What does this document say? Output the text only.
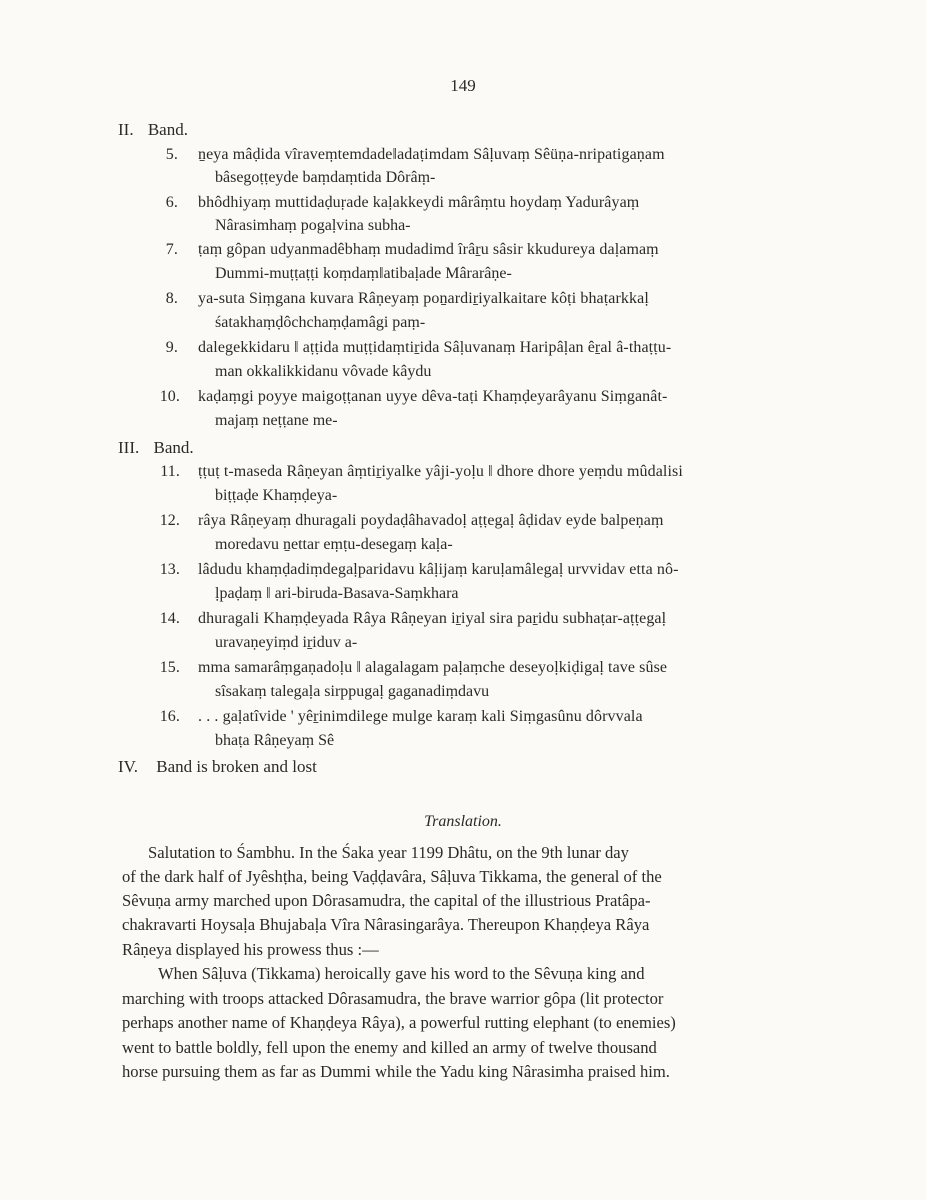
149
II. Band.
5. ṉeya mâḍida vîraveṃtemdade‖adaṭimdam Sâḷuvaṃ Sêüṇa-nripatigaṇam
bâsegoṭṭeyde baṃdaṃtida Dôrâṃ-
6. bhôdhiyaṃ muttidaḍuṛade kaḷakkeydi mârâṃtu hoydaṃ Yadurâyaṃ
Nârasimhaṃ pogaḷvina subha-
7. ṭaṃ gôpan udyanmadêbhaṃ mudadimd îrâṟu sâsir kkudureya daḷamaṃ
Dummi-muṭṭaṭṭi koṃdaṃ‖atibaḷade Mârarâṇe-
8. ya-suta Siṃgana kuvara Râṇeyaṃ poṉardiṟiyalkaitare kôṭi bhaṭarkkaḷ
śatakhaṃḍôchchaṃḍamâgi paṃ-
9. dalegekkidaru ‖ aṭṭida muṭṭidaṃtiṟida Sâḷuvanaṃ Haripâḷan êṟal â-thaṭṭu-
man okkalikkidanu vôvade kâydu
10. kaḍaṃgi poyye maigoṭṭanan uyye dêva-taṭi Khaṃḍeyarâyanu Siṃganât-
majaṃ neṭṭane me-
III. Band.
11. ṭṭuṭ t-maseda Râṇeyan âṃtiṟiyalke yâji-yoḷu ‖ dhore dhore yeṃdu mûdalisi
biṭṭaḍe Khaṃḍeya-
12. râya Râṇeyaṃ dhuragali poydaḍâhavadoḷ aṭṭegaḷ âḍidav eyde balpeṇaṃ
moredavu ṉettar eṃṭu-desegaṃ kaḷa-
13. lâdudu khaṃḍadiṃdegaḷparidavu kâḷijaṃ karuḷamâlegaḷ urvvidav etta nô-
ḷpaḍaṃ ‖ ari-biruda-Basava-Saṃkhara
14. dhuragali Khaṃḍeyada Râya Râṇeyan iṟiyal sira paṟidu subhaṭar-aṭṭegaḷ
uravaṇeyiṃd iṟiduv a-
15. mma samarâṃgaṇadoḷu ‖ alagalagam paḷaṃche deseyoḷkiḍigaḷ tave sûse
sîsakaṃ talegaḷa sirppugaḷ gaganadiṃdavu
16. . . . gaḷatîvide ' yêṟinimdilege mulge karaṃ kali Siṃgasûnu dôrvvala
bhaṭa Râṇeyaṃ Sê
IV. Band is broken and lost
Translation.
Salutation to Śambhu. In the Śaka year 1199 Dhâtu, on the 9th lunar day
of the dark half of Jyêshṭha, being Vaḍḍavâra, Sâḷuva Tikkama, the general of the
Sêvuṇa army marched upon Dôrasamudra, the capital of the illustrious Pratâpa-
chakravarti Hoysaḷa Bhujabaḷa Vîra Nârasingarâya. Thereupon Khaṇḍeya Râya
Râṇeya displayed his prowess thus :—
When Sâḷuva (Tikkama) heroically gave his word to the Sêvuṇa king and
marching with troops attacked Dôrasamudra, the brave warrior gôpa (lit protector
perhaps another name of Khaṇḍeya Râya), a powerful rutting elephant (to enemies)
went to battle boldly, fell upon the enemy and killed an army of twelve thousand
horse pursuing them as far as Dummi while the Yadu king Nârasimha praised him.
